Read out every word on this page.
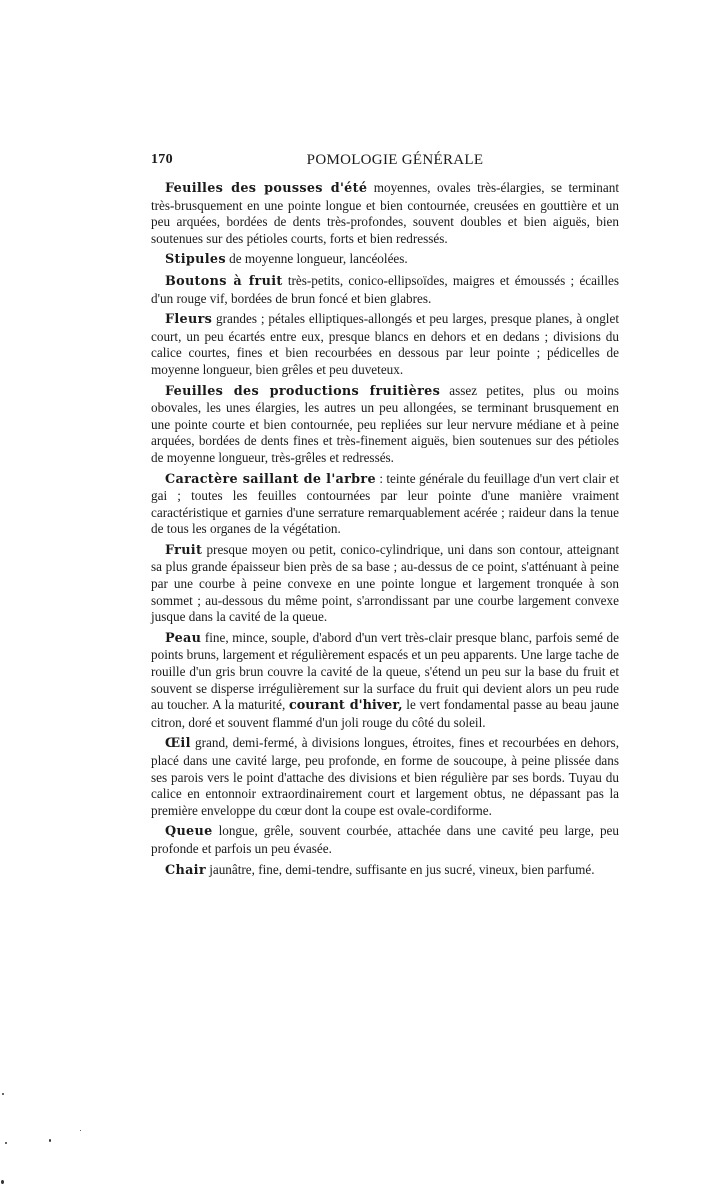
170	POMOLOGIE GÉNÉRALE

Feuilles des pousses d'été moyennes, ovales très-élargies, se terminant très-brusquement en une pointe longue et bien contournée, creusées en gouttière et un peu arquées, bordées de dents très-profondes, souvent doubles et bien aiguës, bien soutenues sur des pétioles courts, forts et bien redressés.

Stipules de moyenne longueur, lancéolées.

Boutons à fruit très-petits, conico-ellipsoïdes, maigres et émoussés ; écailles d'un rouge vif, bordées de brun foncé et bien glabres.

Fleurs grandes ; pétales elliptiques-allongés et peu larges, presque planes, à onglet court, un peu écartés entre eux, presque blancs en dehors et en dedans ; divisions du calice courtes, fines et bien recourbées en dessous par leur pointe ; pédicelles de moyenne longueur, bien grêles et peu duveteux.

Feuilles des productions fruitières assez petites, plus ou moins obovales, les unes élargies, les autres un peu allongées, se terminant brusquement en une pointe courte et bien contournée, peu repliées sur leur nervure médiane et à peine arquées, bordées de dents fines et très-finement aiguës, bien soutenues sur des pétioles de moyenne longueur, très-grêles et redressés.

Caractère saillant de l'arbre : teinte générale du feuillage d'un vert clair et gai ; toutes les feuilles contournées par leur pointe d'une manière vraiment caractéristique et garnies d'une serrature remarquablement acérée ; raideur dans la tenue de tous les organes de la végétation.

Fruit presque moyen ou petit, conico-cylindrique, uni dans son contour, atteignant sa plus grande épaisseur bien près de sa base ; au-dessus de ce point, s'atténuant à peine par une courbe à peine convexe en une pointe longue et largement tronquée à son sommet ; au-dessous du même point, s'arrondissant par une courbe largement convexe jusque dans la cavité de la queue.

Peau fine, mince, souple, d'abord d'un vert très-clair presque blanc, parfois semé de points bruns, largement et régulièrement espacés et un peu apparents. Une large tache de rouille d'un gris brun couvre la cavité de la queue, s'étend un peu sur la base du fruit et souvent se disperse irrégulièrement sur la surface du fruit qui devient alors un peu rude au toucher. A la maturité, courant d'hiver, le vert fondamental passe au beau jaune citron, doré et souvent flammé d'un joli rouge du côté du soleil.

Œil grand, demi-fermé, à divisions longues, étroites, fines et recourbées en dehors, placé dans une cavité large, peu profonde, en forme de soucoupe, à peine plissée dans ses parois vers le point d'attache des divisions et bien régulière par ses bords. Tuyau du calice en entonnoir extraordinairement court et largement obtus, ne dépassant pas la première enveloppe du cœur dont la coupe est ovale-cordiforme.

Queue longue, grêle, souvent courbée, attachée dans une cavité peu large, peu profonde et parfois un peu évasée.

Chair jaunâtre, fine, demi-tendre, suffisante en jus sucré, vineux, bien parfumé.
